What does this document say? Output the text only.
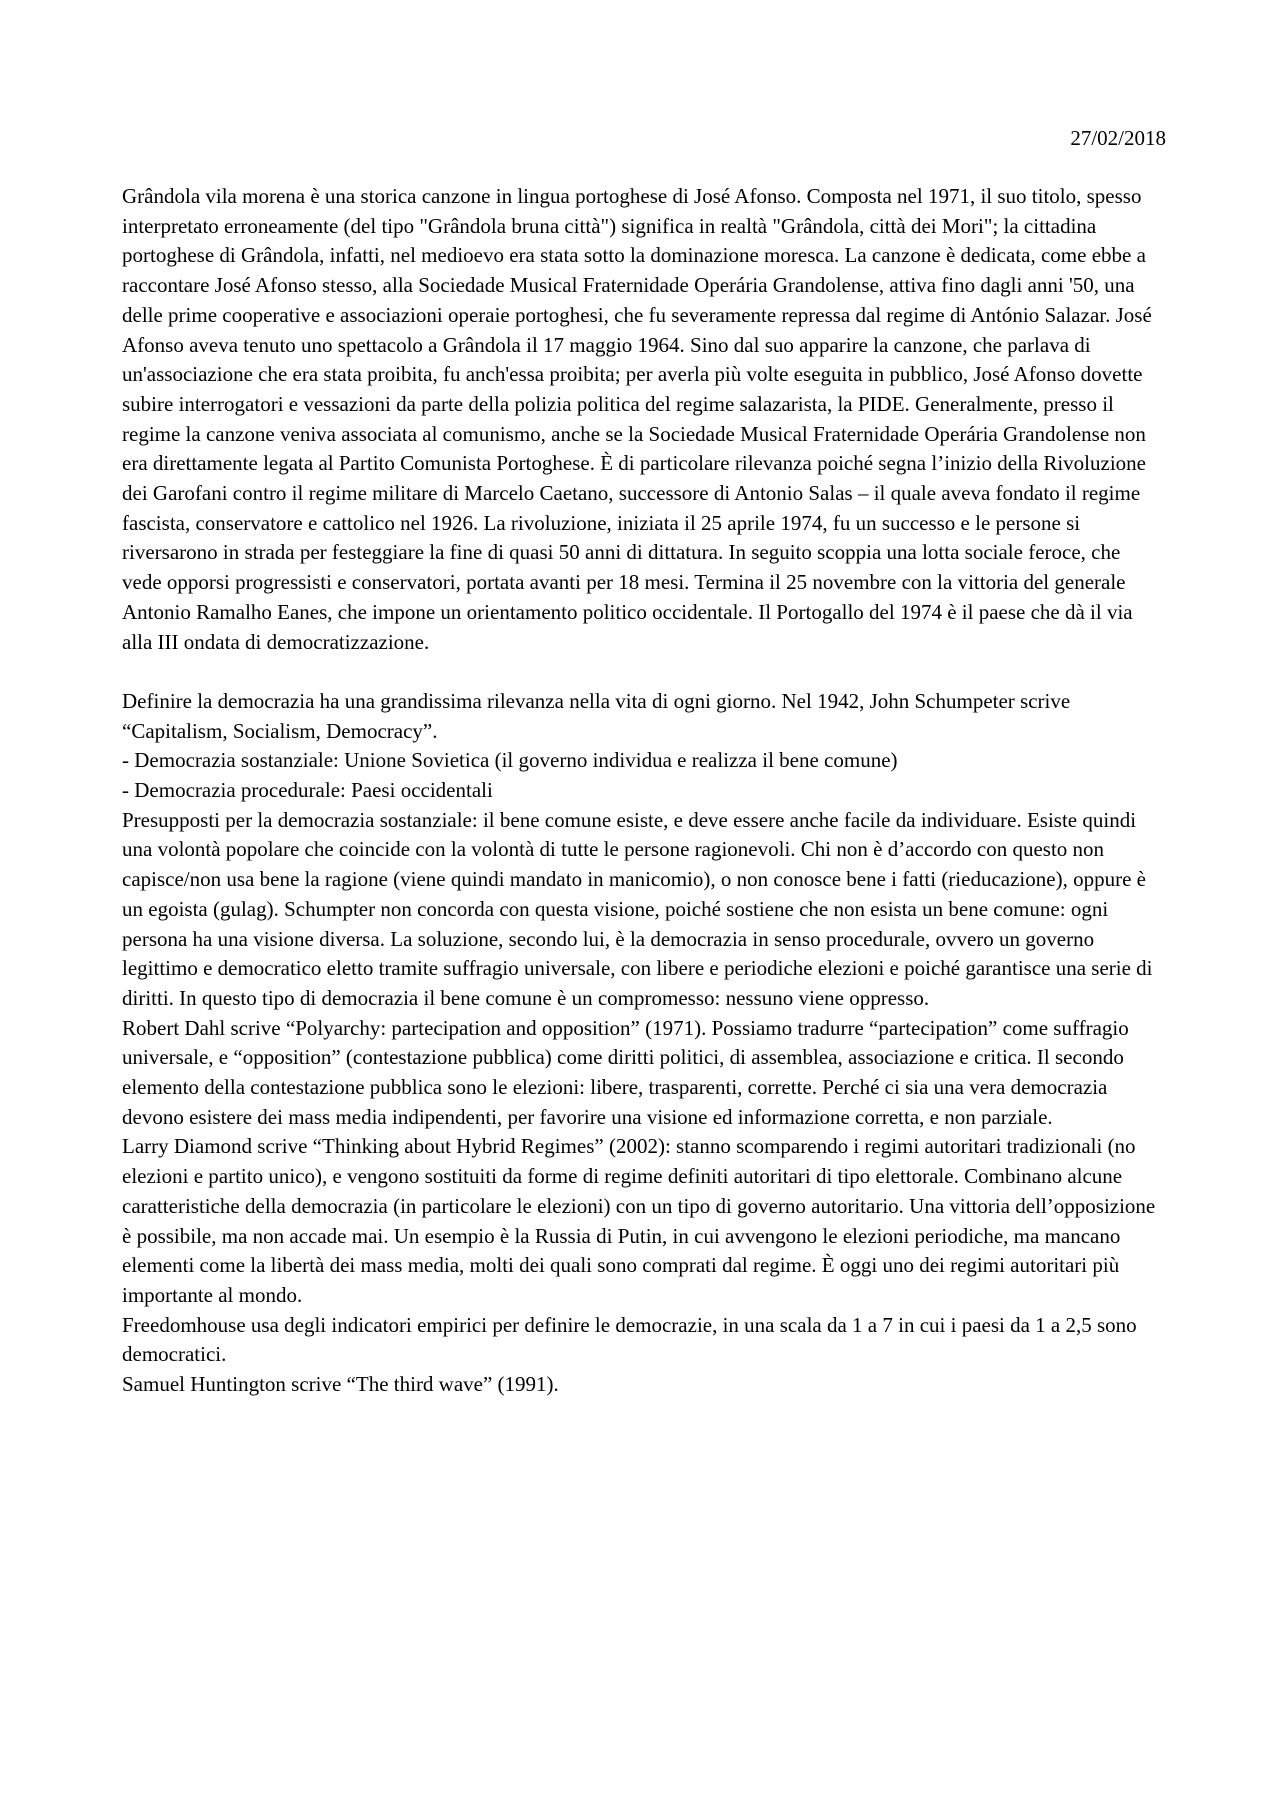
27/02/2018

Grândola vila morena è una storica canzone in lingua portoghese di José Afonso. Composta nel 1971, il suo titolo, spesso interpretato erroneamente (del tipo "Grândola bruna città") significa in realtà "Grândola, città dei Mori"; la cittadina portoghese di Grândola, infatti, nel medioevo era stata sotto la dominazione moresca. La canzone è dedicata, come ebbe a raccontare José Afonso stesso, alla Sociedade Musical Fraternidade Operária Grandolense, attiva fino dagli anni '50, una delle prime cooperative e associazioni operaie portoghesi, che fu severamente repressa dal regime di António Salazar. José Afonso aveva tenuto uno spettacolo a Grândola il 17 maggio 1964. Sino dal suo apparire la canzone, che parlava di un'associazione che era stata proibita, fu anch'essa proibita; per averla più volte eseguita in pubblico, José Afonso dovette subire interrogatori e vessazioni da parte della polizia politica del regime salazarista, la PIDE. Generalmente, presso il regime la canzone veniva associata al comunismo, anche se la Sociedade Musical Fraternidade Operária Grandolense non era direttamente legata al Partito Comunista Portoghese. È di particolare rilevanza poiché segna l’inizio della Rivoluzione dei Garofani contro il regime militare di Marcelo Caetano, successore di Antonio Salas – il quale aveva fondato il regime fascista, conservatore e cattolico nel 1926. La rivoluzione, iniziata il 25 aprile 1974, fu un successo e le persone si riversarono in strada per festeggiare la fine di quasi 50 anni di dittatura. In seguito scoppia una lotta sociale feroce, che vede opporsi progressisti e conservatori, portata avanti per 18 mesi. Termina il 25 novembre con la vittoria del generale Antonio Ramalho Eanes, che impone un orientamento politico occidentale. Il Portogallo del 1974 è il paese che dà il via alla III ondata di democratizzazione.

Definire la democrazia ha una grandissima rilevanza nella vita di ogni giorno. Nel 1942, John Schumpeter scrive “Capitalism, Socialism, Democracy”.

- Democrazia sostanziale: Unione Sovietica (il governo individua e realizza il bene comune)

- Democrazia procedurale: Paesi occidentali

Presupposti per la democrazia sostanziale: il bene comune esiste, e deve essere anche facile da individuare. Esiste quindi una volontà popolare che coincide con la volontà di tutte le persone ragionevoli. Chi non è d’accordo con questo non capisce/non usa bene la ragione (viene quindi mandato in manicomio), o non conosce bene i fatti (rieducazione), oppure è un egoista (gulag). Schumpter non concorda con questa visione, poiché sostiene che non esista un bene comune: ogni persona ha una visione diversa. La soluzione, secondo lui, è la democrazia in senso procedurale, ovvero un governo legittimo e democratico eletto tramite suffragio universale, con libere e periodiche elezioni e poiché garantisce una serie di diritti. In questo tipo di democrazia il bene comune è un compromesso: nessuno viene oppresso.

Robert Dahl scrive “Polyarchy: partecipation and opposition” (1971). Possiamo tradurre “partecipation” come suffragio universale, e “opposition” (contestazione pubblica) come diritti politici, di assemblea, associazione e critica. Il secondo elemento della contestazione pubblica sono le elezioni: libere, trasparenti, corrette. Perché ci sia una vera democrazia devono esistere dei mass media indipendenti, per favorire una visione ed informazione corretta, e non parziale.

Larry Diamond scrive “Thinking about Hybrid Regimes” (2002): stanno scomparendo i regimi autoritari tradizionali (no elezioni e partito unico), e vengono sostituiti da forme di regime definiti autoritari di tipo elettorale. Combinano alcune caratteristiche della democrazia (in particolare le elezioni) con un tipo di governo autoritario. Una vittoria dell’opposizione è possibile, ma non accade mai. Un esempio è la Russia di Putin, in cui avvengono le elezioni periodiche, ma mancano elementi come la libertà dei mass media, molti dei quali sono comprati dal regime. È oggi uno dei regimi autoritari più importante al mondo.

Freedomhouse usa degli indicatori empirici per definire le democrazie, in una scala da 1 a 7 in cui i paesi da 1 a 2,5 sono democratici.

Samuel Huntington scrive “The third wave” (1991).
